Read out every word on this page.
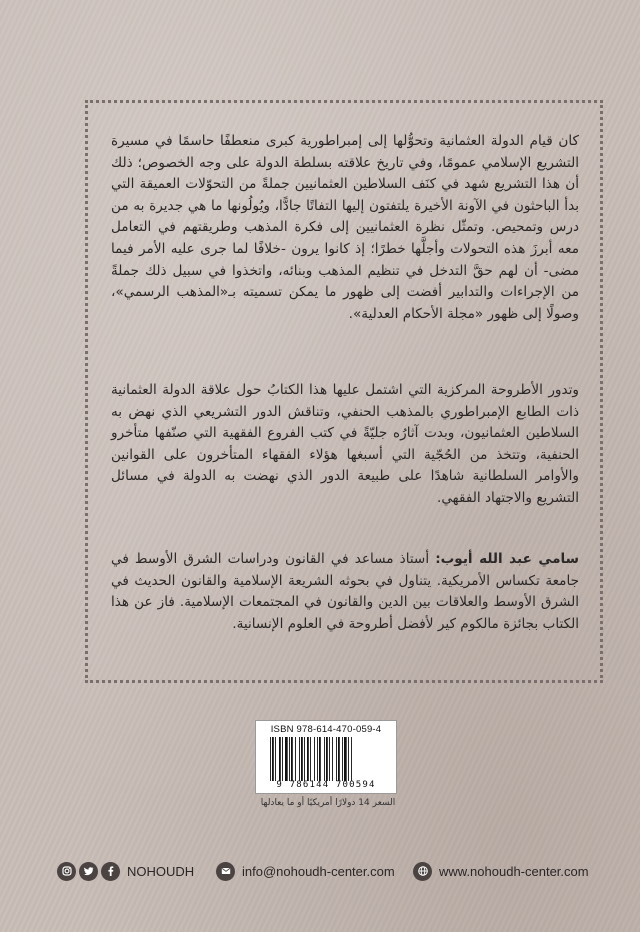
كان قيام الدولة العثمانية وتحوُّلها إلى إمبراطورية كبرى منعطفًا حاسمًا في مسيرة التشريع الإسلامي عمومًا، وفي تاريخ علاقته بسلطة الدولة على وجه الخصوص؛ ذلك أن هذا التشريع شهد في كنَف السلاطين العثمانيين جملةً من التحوّلات العميقة التي بدأ الباحثون في الآونة الأخيرة يلتفتون إليها التفاتًا جادًّا، ويُولُونها ما هي جديرة به من درس وتمحيص. وتمثّل نظرة العثمانيين إلى فكرة المذهب وطريقتهم في التعامل معه أبرزَ هذه التحولات وأجلَّها خطرًا؛ إذ كانوا يرون -خلافًا لما جرى عليه الأمر فيما مضى- أن لهم حقَّ التدخل في تنظيم المذهب وبنائه، واتخذوا في سبيل ذلك جملةً من الإجراءات والتدابير أفضت إلى ظهور ما يمكن تسميته بـ«المذهب الرسمي»، وصولًا إلى ظهور «مجلة الأحكام العدلية».
وتدور الأطروحة المركزية التي اشتمل عليها هذا الكتابُ حول علاقة الدولة العثمانية ذات الطابع الإمبراطوري بالمذهب الحنفي، وتناقش الدور التشريعي الذي نهض به السلاطين العثمانيون، وبدت آثارُه جليّةً في كتب الفروع الفقهية التي صنّفها متأخرو الحنفية، وتتخذ من الحُجّية التي أسبغها هؤلاء الفقهاء المتأخرون على القوانين والأوامر السلطانية شاهدًا على طبيعة الدور الذي نهضت به الدولة في مسائل التشريع والاجتهاد الفقهي.
سامي عبد الله أيوب: أستاذ مساعد في القانون ودراسات الشرق الأوسط في جامعة تكساس الأمريكية. يتناول في بحوثه الشريعة الإسلامية والقانون الحديث في الشرق الأوسط والعلاقات بين الدين والقانون في المجتمعات الإسلامية. فاز عن هذا الكتاب بجائزة مالكوم كير لأفضل أطروحة في العلوم الإنسانية.
ISBN 978-614-470-059-4
9 786144 700594
السعر 14 دولارًا أمريكيًا أو ما يعادلها
NOHOUDH	info@nohoudh-center.com	www.nohoudh-center.com
